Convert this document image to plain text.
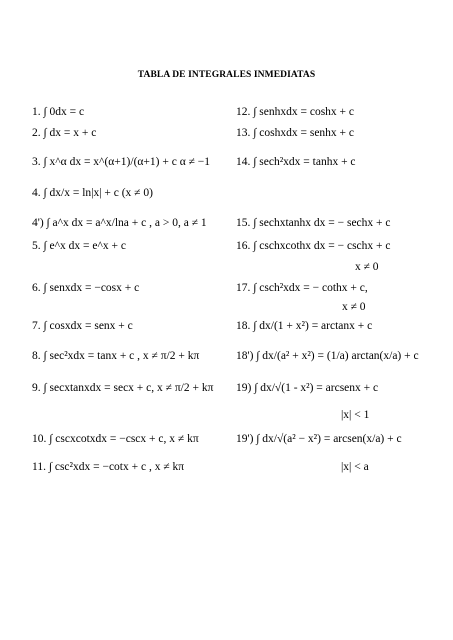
TABLA DE INTEGRALES INMEDIATAS
1. ∫ 0dx = c
2. ∫ dx = x + c
3. ∫ x^α dx = x^(α+1)/(α+1) + c α ≠ −1
4. ∫ dx/x = ln|x| + c (x ≠ 0)
4') ∫ a^x dx = a^x/lna + c , a > 0, a ≠ 1
5. ∫ e^x dx = e^x + c
6. ∫ senxdx = −cosx + c
7. ∫ cosxdx = senx + c
8. ∫ sec²xdx = tanx + c , x ≠ π/2 + kπ
9. ∫ secxtanxdx = secx + c, x ≠ π/2 + kπ
10. ∫ cscxcotxdx = −cscx + c, x ≠ kπ
11. ∫ csc²xdx = −cotx + c , x ≠ kπ
12. ∫ senhxdx = coshx + c
13. ∫ coshxdx = senhx + c
14. ∫ sech²xdx = tanhx + c
15. ∫ sechxtanhx dx = − sechx + c
16. ∫ cschxcothx dx = − cschx + c
17. ∫ csch²xdx = − cothx + c,
18. ∫ dx/(1 + x²) = arctanx + c
18') ∫ dx/(a² + x²) = (1/a) arctan(x/a) + c
19) ∫ dx/√(1 - x²) = arcsenx + c
19') ∫ dx/√(a² − x²) = arcsen(x/a) + c
x ≠ 0
x ≠ 0
|x| < 1
|x| < a
